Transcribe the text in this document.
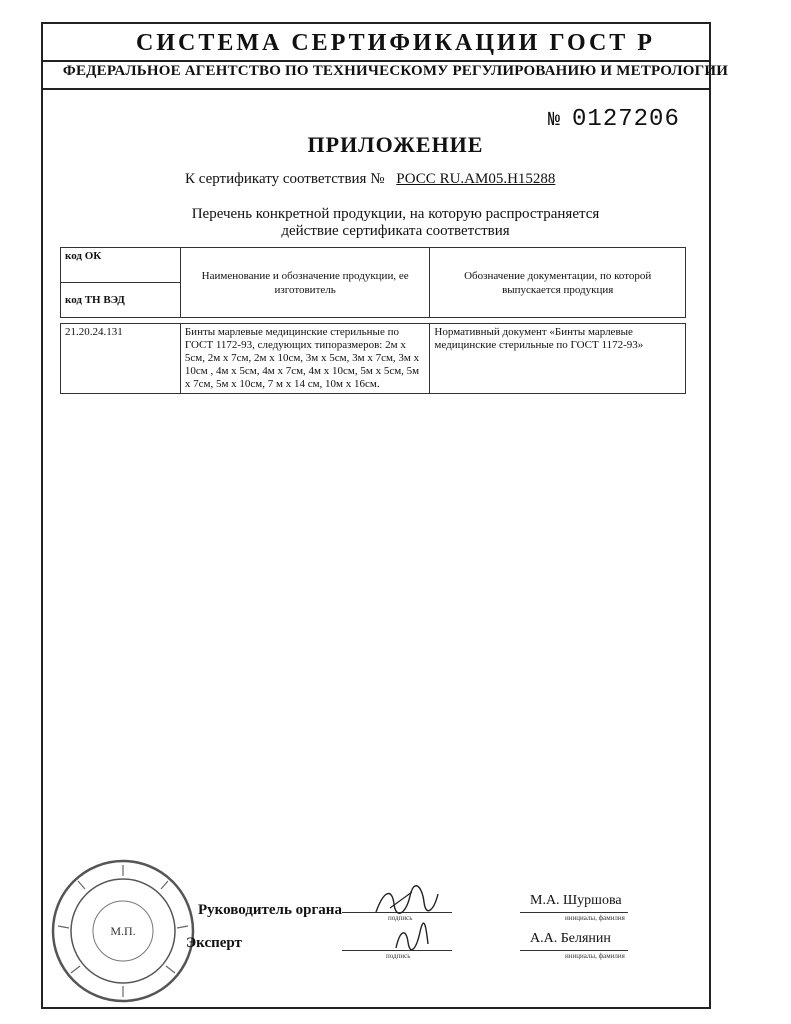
СИСТЕМА СЕРТИФИКАЦИИ ГОСТ Р
ФЕДЕРАЛЬНОЕ АГЕНТСТВО ПО ТЕХНИЧЕСКОМУ РЕГУЛИРОВАНИЮ И МЕТРОЛОГИИ
№ 0127206
ПРИЛОЖЕНИЕ
К сертификату соответствия № РОСС RU.AM05.H15288
Перечень конкретной продукции, на которую распространяется
действие сертификата соответствия
код ОК	Наименование и обозначение продукции, ее изготовитель	Обозначение документации, по которой выпускается продукция
код ТН ВЭД		

21.20.24.131	Бинты марлевые медицинские стерильные по ГОСТ 1172-93, следующих типоразмеров: 2м х 5см, 2м х 7см, 2м х 10см, 3м х 5см, 3м х 7см, 3м х 10см , 4м х 5см, 4м х 7см, 4м х 10см, 5м х 5см, 5м х 7см, 5м х 10см, 7 м х 14 см, 10м х 16см.	Нормативный документ «Бинты марлевые медицинские стерильные по ГОСТ 1172-93»
М.П.
Руководитель органа	подпись
М.А. Шуршова
инициалы, фамилия
Эксперт
подпись
А.А. Белянин
инициалы, фамилия
